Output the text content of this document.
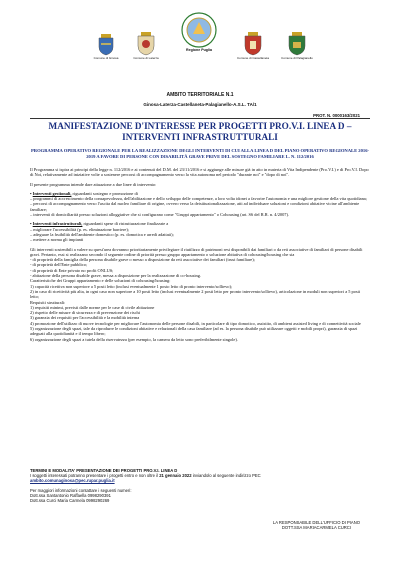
Comune di Ginosa	Comune di Laterza
Regione Puglia
Comune di Castellaneta	Comune di Palagianello
AMBITO TERRITORIALE N.1
Ginosa-Laterza-Castellaneta-Palagianello-A.S.L. TA/1
PROT. N. 0000163/2021
MANIFESTAZIONE D'INTERESSE PER PROGETTI PRO.V.I. LINEA D – INTERVENTI INFRASTRUTTURALI
PROGRAMMA OPERATIVO REGIONALE PER LA REALIZZAZIONE DEGLI INTERVENTI DI CUI ALLA LINEA D DEL PIANO OPERATIVO REGIONALE 2016-2019 A FAVORE DI PERSONE CON DISABILITÀ GRAVE PRIVE DEL SOSTEGNO FAMILIARE L. N. 112/2016

Il Programma si ispira ai principi della legge n. 112/2016 e ai contenuti del D.M. del 23/11/2016 e si aggiunge alle misure già in atto in materia di Vita Indipendente (Pro.V.I.) e di Pro.V.I. Dopo di Noi, relativamente ad iniziative volte a sostenere percorsi di accompagnamento verso la vita autonoma nel periodo "durante noi" e "dopo di noi".

Il presente programma intende dare attuazione a due linee di intervento:

• Interventi gestionali, riguardanti sostegno e promozione di
– programmi di accrescimento della consapevolezza, dell'abilitazione e dello sviluppo delle competenze, a loro volta idonei a favorire l'autonomia e una migliore gestione della vita quotidiana;
– percorsi di accompagnamento verso l'uscita dal nucleo familiare di origine, ovvero verso la deistituzionalizzazione, atti ad individuare soluzioni e condizioni abitative vicine all'ambiente familiare;
– interventi di domiciliarità presso soluzioni alloggiative che si configurano come "Gruppi appartamento" o Cohousing (art. S6 del R.R. n. 4/2007).
• Interventi infrastrutturali, riguardanti spese di ristrutturazione finalizzate a
– migliorare l'accessibilità (p. es. eliminazione barriere);
– adeguare la fruibilità dell'ambiente domestico (p. es. domotica e arredi adattati);
– mettere a norma gli impianti
Gli interventi sostenibili a valere su quest'area dovranno prioritariamente privilegiare il riutilizzo di patrimoni resi disponibili dai familiari o da reti associative di familiari di persone disabili gravi. Pertanto, essi si realizzano secondo il seguente ordine di priorità presso gruppo appartamento o soluzione abitativa di cohousing/housing che sia
- di proprietà della famiglia della persona disabile grave o messo a disposizione da reti associative dei familiari (trust familiare);
- di proprietà dell'Ente pubblico;
- di proprietà di Ente privato no profit ONLUS;
- abitazione della persona disabile grave, messa a disposizione per la realizzazione di co-housing.
Caratteristiche dei Gruppi appartamento e delle soluzioni di cohousing/housing:
1) capacità ricettiva non superiore a 5 posti letto (inclusi eventualmente 1 posto letto di pronto intervento/sollievo);
2) in caso di ricettività più alta, in ogni caso non superiore a 10 posti letto (inclusi eventualmente 2 posti letto per pronto intervento/sollievo), articolazione in moduli non superiori a 5 posti letto;
Requisiti strutturali:
1) requisiti minimi, previsti dalle norme per le case di civile abitazione
2) rispetto delle misure di sicurezza e di prevenzione dei rischi
3) garanzia dei requisiti per l'accessibilità e la mobilità interna
4) promozione dell'utilizzo di nuove tecnologie per migliorare l'autonomia delle persone disabili, in particolare di tipo domotico, assistito, di ambient assisted living e di connettività sociale
5) organizzazione degli spazi, tale da riprodurre le condizioni abitative e relazionali della casa familiare (ad es. la persona disabile può utilizzare oggetti e mobili propri), garanzia di spazi adeguati alla quotidianità e il tempo libero;
6) organizzazione degli spazi a tutela della riservatezza (per esempio, la camera da letto sono preferibilmente singole).

TERMINI E MODALITA' PRESENTAZIONE DEI PROGETTI PRO.V.I. LINEA D

I soggetti interessati potranno presentare i progetti entro e non oltre il 21 gennaio 2022 inviandolo al seguente indirizzo PEC

ambito.comunaginosa@pec.rupar.puglia.it

Per maggiori informazioni contattare i seguenti numeri:

Dott.ssa Santantonio Raffaella 0998290391

Dott.ssa Curci Maria Carmela 0998290269

LA RESPONSABILE DELL'UFFICIO DI PIANO
DOTT.SSA MARIACARMELA CURCI
